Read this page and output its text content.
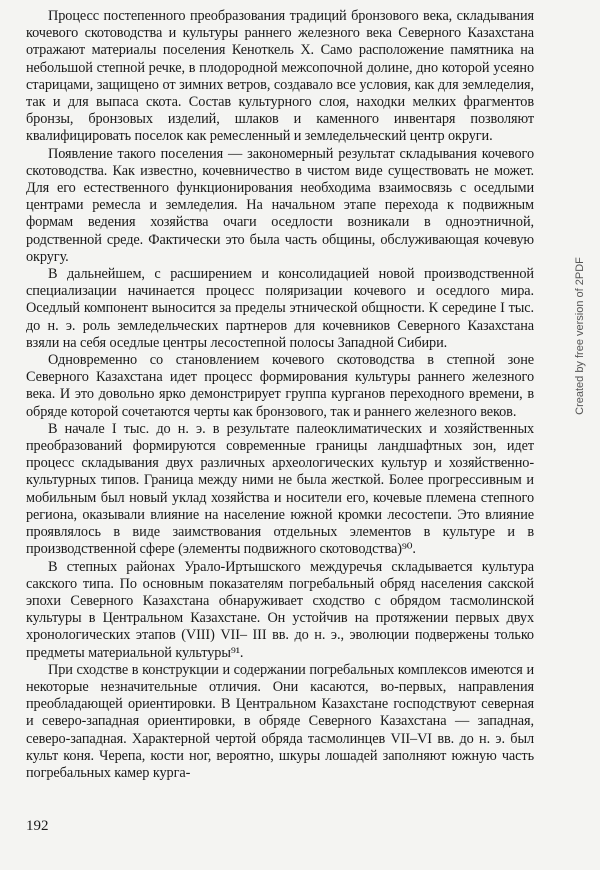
Процесс постепенного преобразования традиций бронзового века, складывания кочевого скотоводства и культуры раннего железного века Северного Казахстана отражают материалы поселения Кеноткель X. Само расположение памятника на небольшой степной речке, в плодородной межсопочной долине, дно которой усеяно старицами, защищено от зимних ветров, создавало все условия, как для земледелия, так и для выпаса скота. Состав культурного слоя, находки мелких фрагментов бронзы, бронзовых изделий, шлаков и каменного инвентаря позволяют квалифицировать поселок как ремесленный и земледельческий центр округи.

Появление такого поселения — закономерный результат складывания кочевого скотоводства. Как известно, кочевничество в чистом виде существовать не может. Для его естественного функционирования необходима взаимосвязь с оседлыми центрами ремесла и земледелия. На начальном этапе перехода к подвижным формам ведения хозяйства очаги оседлости возникали в одноэтничной, родственной среде. Фактически это была часть общины, обслуживающая кочевую округу.

В дальнейшем, с расширением и консолидацией новой производственной специализации начинается процесс поляризации кочевого и оседлого мира. Оседлый компонент выносится за пределы этнической общности. К середине I тыс. до н. э. роль земледельческих партнеров для кочевников Северного Казахстана взяли на себя оседлые центры лесостепной полосы Западной Сибири.

Одновременно со становлением кочевого скотоводства в степной зоне Северного Казахстана идет процесс формирования культуры раннего железного века. И это довольно ярко демонстрирует группа курганов переходного времени, в обряде которой сочетаются черты как бронзового, так и раннего железного веков.

В начале I тыс. до н. э. в результате палеоклиматических и хозяйственных преобразований формируются современные границы ландшафтных зон, идет процесс складывания двух различных археологических культур и хозяйственно-культурных типов. Граница между ними не была жесткой. Более прогрессивным и мобильным был новый уклад хозяйства и носители его, кочевые племена степного региона, оказывали влияние на население южной кромки лесостепи. Это влияние проявлялось в виде заимствования отдельных элементов в культуре и в производственной сфере (элементы подвижного скотоводства)⁹⁰.

В степных районах Урало-Иртышского междуречья складывается культура сакского типа. По основным показателям погребальный обряд населения сакской эпохи Северного Казахстана обнаруживает сходство с обрядом тасмолинской культуры в Центральном Казахстане. Он устойчив на протяжении первых двух хронологических этапов (VIII) VII– III вв. до н. э., эволюции подвержены только предметы материальной культуры⁹¹.

При сходстве в конструкции и содержании погребальных комплексов имеются и некоторые незначительные отличия. Они касаются, во-первых, направления преобладающей ориентировки. В Центральном Казахстане господствуют северная и северо-западная ориентировки, в обряде Северного Казахстана — западная, северо-западная. Характерной чертой обряда тасмолинцев VII–VI вв. до н. э. был культ коня. Черепа, кости ног, вероятно, шкуры лошадей заполняют южную часть погребальных камер курга-

192
Created by free version of 2PDF
